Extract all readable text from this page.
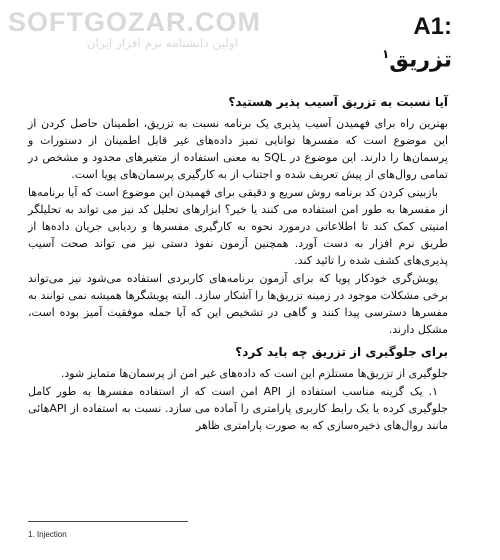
SOFTGOZAR.COM
اولین دانشنامه نرم افزار ایران
A1:
تزریق$^۱$
آیا نسبت به تزریق آسیب پذیر هستید؟

بهترین راه برای فهمیدن آسیب پذیری یک برنامه نسبت به تزریق، اطمینان حاصل کردن از این موضوع است که مفسرها توانایی تمیز داده‌های غیر قابل اطمینان از دستورات و پرسمان‌ها را دارند. این موضوع در SQL به معنی استفاده از متغیرهای محدود و مشخص در تمامی روال‌های از پیش تعریف شده و اجتناب از به کارگیری پرسمان‌های پویا است.

بازبینی کردن کد برنامه روش سریع و دقیقی برای فهمیدن این موضوع است که آیا برنامه‌ها از مفسرها به طور امن استفاده می کنند یا خیر؟ ابزارهای تحلیل کد نیز می تواند به تحلیلگر امنیتی کمک کند تا اطلاعاتی درمورد نحوه به کارگیری مفسرها و ردیابی جریان داده‌ها از طریق نرم افزار به دست آورد. همچنین آزمون نفوذ دستی نیز می تواند صحت آسیب پذیری‌های کشف شده را تائید کند.

پویش‌گری خودکار پویا که برای آزمون برنامه‌های کاربردی استفاده می‌شود نیز می‌تواند برخی مشکلات موجود در زمینه تزریق‌ها را آشکار سازد. البته پویشگرها همیشه نمی توانند به مفسرها دسترسی پیدا کنند و گاهی در تشخیص این که آیا حمله موفقیت آمیز بوده است، مشکل دارند.

برای جلوگیری از تزریق چه باید کرد؟

جلوگیری از تزریق‌ها مستلزم این است که داده‌های غیر امن از پرسمان‌ها متمایز شود.

۱. یک گزینه مناسب استفاده از API امن است که از استفاده مفسرها به طور کامل جلوگیری کرده یا یک رابط کاربری پارامتری را آماده می سازد. نسبت به استفاده از APIهائی مانند روال‌های ذخیره‌سازی که به صورت پارامتری ظاهر

1. Injection
